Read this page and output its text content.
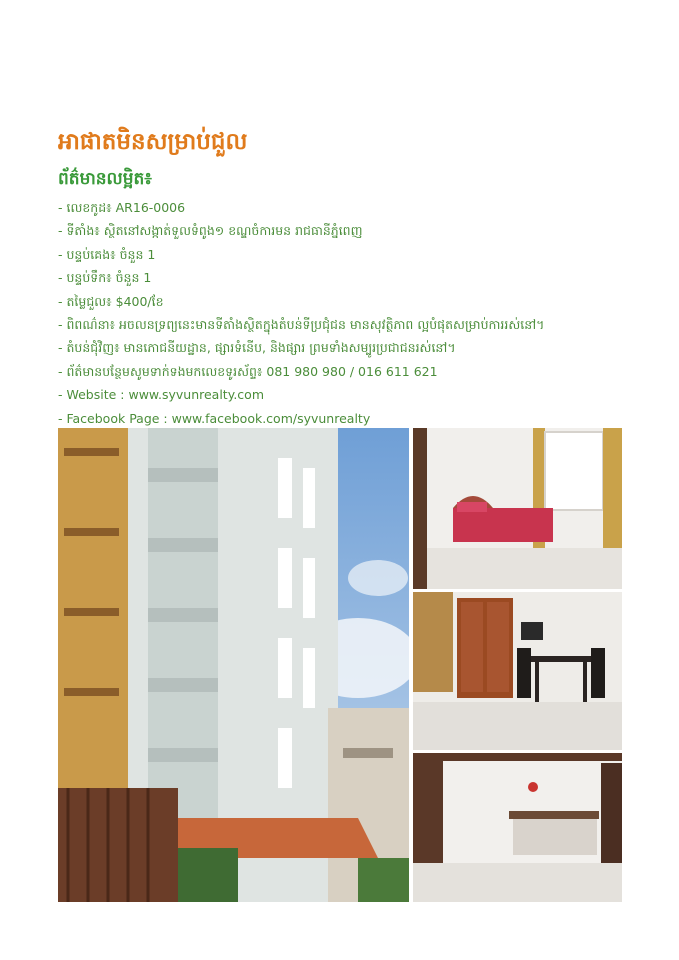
អាផាតមិនសម្រាប់ជួល
ព័ត៌មានលម្អិត៖
- លេខកូដ៖ AR16-0006
- ទីតាំង៖ ស្ថិតនៅសង្កាត់ទួលទំពូង១ ខណ្ឌចំការមន រាជធានីភ្នំពេញ
- បន្ទប់គេង៖ ចំនួន 1
- បន្ទប់ទឹក៖ ចំនួន 1
- តម្លៃជួល៖ $400/ខែ
- ពិពណ៌នា៖ អចលនទ្រព្យនេះមានទីតាំងស្ថិតក្នុងតំបន់ទីប្រជុំជន មានសុវត្ថិភាព ល្អបំផុតសម្រាប់ការរស់នៅ។
- តំបន់ជុំវិញ៖ មានភោជនីយដ្ឋាន, ផ្សារទំនើប, និងផ្សារ ព្រមទាំងសម្បូរប្រជាជនរស់នៅ។
- ព័ត៌មានបន្ថែមសូមទាក់ទងមកលេខទូរស័ព្ទ៖ 081 980 980 / 016 611 621
- Website : www.syvunrealty.com
- Facebook Page : www.facebook.com/syvunrealty
